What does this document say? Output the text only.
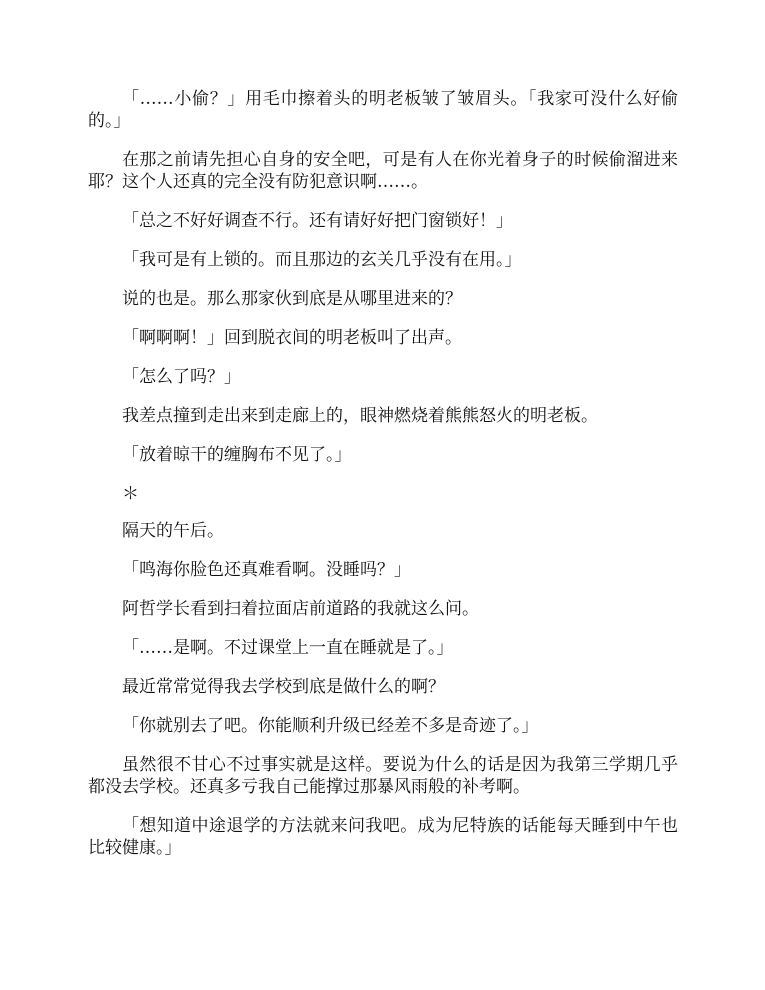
「……小偷？」用毛巾擦着头的明老板皱了皱眉头。「我家可没什么好偷的。」

在那之前请先担心自身的安全吧，可是有人在你光着身子的时候偷溜进来耶？这个人还真的完全没有防犯意识啊……。

「总之不好好调查不行。还有请好好把门窗锁好！」

「我可是有上锁的。而且那边的玄关几乎没有在用。」

说的也是。那么那家伙到底是从哪里进来的？

「啊啊啊！」回到脱衣间的明老板叫了出声。

「怎么了吗？」

我差点撞到走出来到走廊上的，眼神燃烧着熊熊怒火的明老板。

「放着晾干的缠胸布不见了。」

＊

隔天的午后。

「鸣海你脸色还真难看啊。没睡吗？」

阿哲学长看到扫着拉面店前道路的我就这么问。

「……是啊。不过课堂上一直在睡就是了。」

最近常常觉得我去学校到底是做什么的啊？

「你就别去了吧。你能顺利升级已经差不多是奇迹了。」

虽然很不甘心不过事实就是这样。要说为什么的话是因为我第三学期几乎都没去学校。还真多亏我自己能撑过那暴风雨般的补考啊。

「想知道中途退学的方法就来问我吧。成为尼特族的话能每天睡到中午也比较健康。」
